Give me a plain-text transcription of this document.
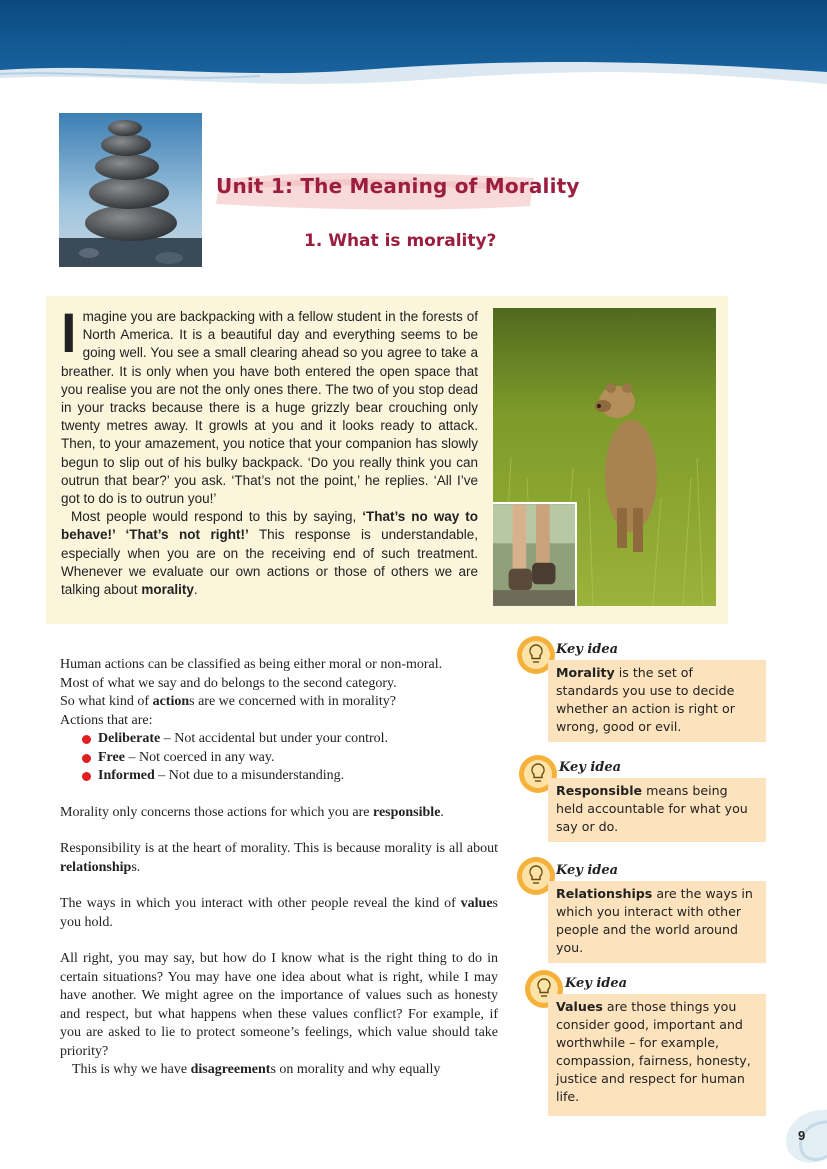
Unit 1: The Meaning of Morality
1. What is morality?

Imagine you are backpacking with a fellow student in the forests of North America. It is a beautiful day and everything seems to be going well. You see a small clearing ahead so you agree to take a breather. It is only when you have both entered the open space that you realise you are not the only ones there. The two of you stop dead in your tracks because there is a huge grizzly bear crouching only twenty metres away. It growls at you and it looks ready to attack. Then, to your amazement, you notice that your companion has slowly begun to slip out of his bulky backpack. ‘Do you really think you can outrun that bear?’ you ask. ‘That’s not the point,’ he replies. ‘All I’ve got to do is to outrun you!’

Most people would respond to this by saying, ‘That’s no way to behave!’ ‘That’s not right!’ This response is understandable, especially when you are on the receiving end of such treatment. Whenever we evaluate our own actions or those of others we are talking about morality.

Human actions can be classified as being either moral or non-moral.

Most of what we say and do belongs to the second category.

So what kind of actions are we concerned with in morality?

Actions that are:

Deliberate – Not accidental but under your control.
Free – Not coerced in any way.
Informed – Not due to a misunderstanding.

Morality only concerns those actions for which you are responsible.

Responsibility is at the heart of morality. This is because morality is all about relationships.

The ways in which you interact with other people reveal the kind of values you hold.

All right, you may say, but how do I know what is the right thing to do in certain situations? You may have one idea about what is right, while I may have another. We might agree on the importance of values such as honesty and respect, but what happens when these values conflict? For example, if you are asked to lie to protect someone’s feelings, which value should take priority?

This is why we have disagreements on morality and why equally

Key idea
Morality is the set of standards you use to decide whether an action is right or wrong, good or evil.
Key idea
Responsible means being held accountable for what you say or do.
Key idea
Relationships are the ways in which you interact with other people and the world around you.
Key idea
Values are those things you consider good, important and worthwhile – for example, compassion, fairness, honesty, justice and respect for human life.
9
